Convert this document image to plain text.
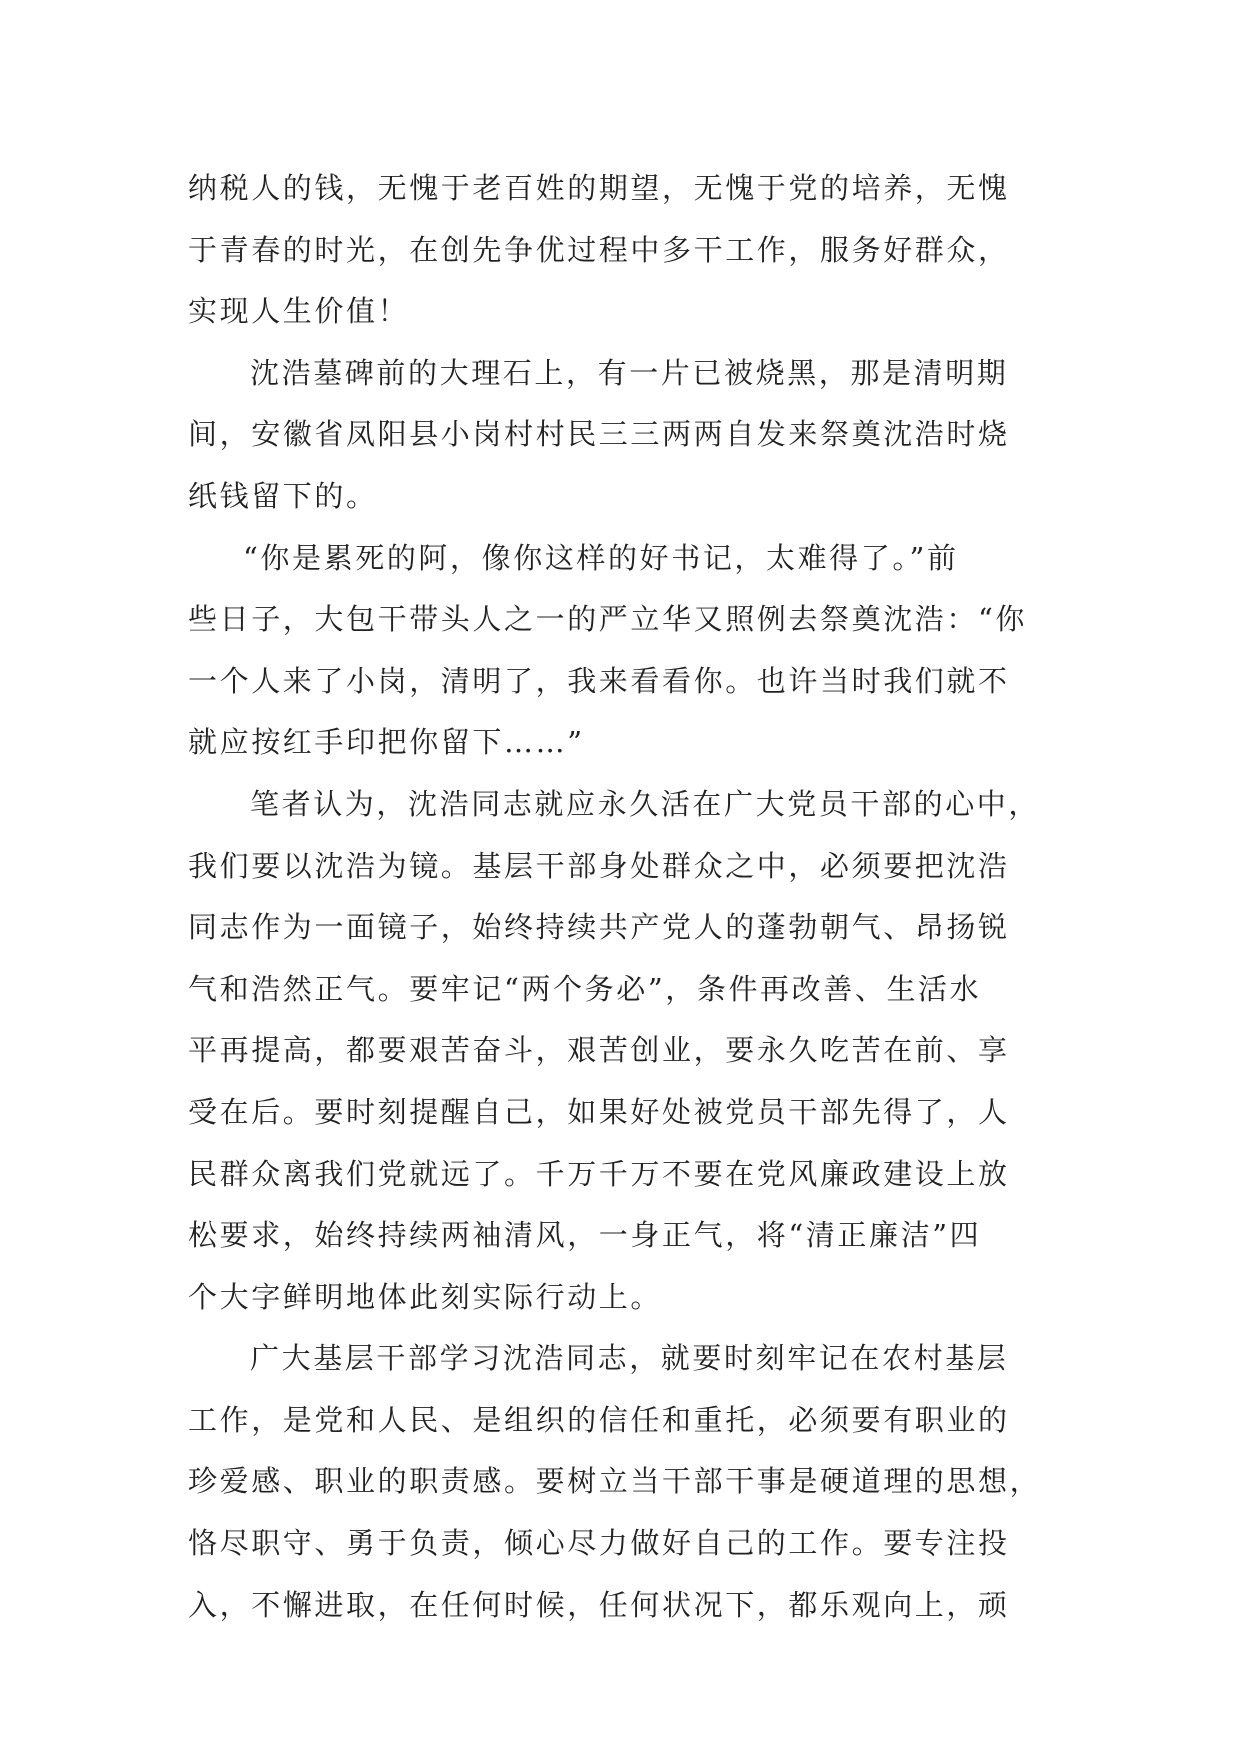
纳税人的钱，无愧于老百姓的期望，无愧于党的培养，无愧
于青春的时光，在创先争优过程中多干工作，服务好群众，
实现人生价值！
沈浩墓碑前的大理石上，有一片已被烧黑，那是清明期
间，安徽省凤阳县小岗村村民三三两两自发来祭奠沈浩时烧
纸钱留下的。
“你是累死的阿，像你这样的好书记，太难得了。”前
些日子，大包干带头人之一的严立华又照例去祭奠沈浩：“你
一个人来了小岗，清明了，我来看看你。也许当时我们就不
就应按红手印把你留下……”
笔者认为，沈浩同志就应永久活在广大党员干部的心中，
我们要以沈浩为镜。基层干部身处群众之中，必须要把沈浩
同志作为一面镜子，始终持续共产党人的蓬勃朝气、昂扬锐
气和浩然正气。要牢记“两个务必”，条件再改善、生活水
平再提高，都要艰苦奋斗，艰苦创业，要永久吃苦在前、享
受在后。要时刻提醒自己，如果好处被党员干部先得了，人
民群众离我们党就远了。千万千万不要在党风廉政建设上放
松要求，始终持续两袖清风，一身正气，将“清正廉洁”四
个大字鲜明地体此刻实际行动上。
广大基层干部学习沈浩同志，就要时刻牢记在农村基层
工作，是党和人民、是组织的信任和重托，必须要有职业的
珍爱感、职业的职责感。要树立当干部干事是硬道理的思想，
恪尽职守、勇于负责，倾心尽力做好自己的工作。要专注投
入，不懈进取，在任何时候，任何状况下，都乐观向上，顽
